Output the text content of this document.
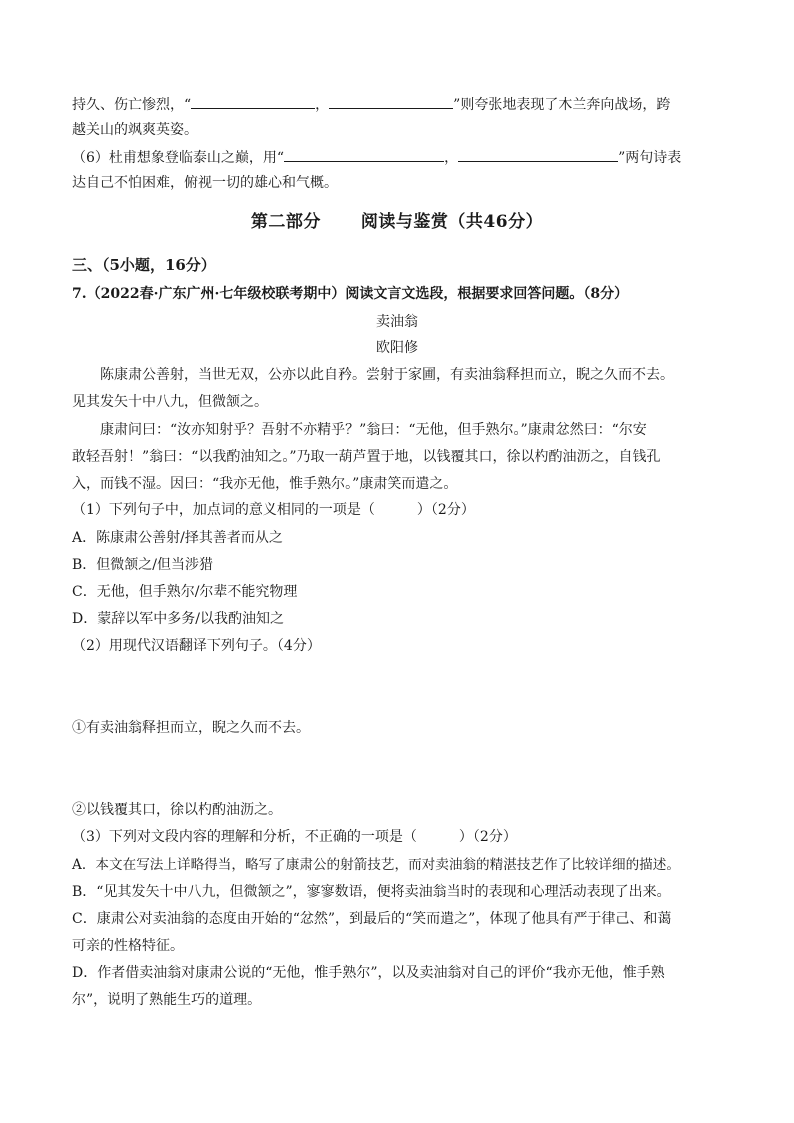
持久、伤亡惨烈，“	，	”则夸张地表现了木兰奔向战场，跨
越关山的飒爽英姿。
（6）杜甫想象登临泰山之巅，用“	，	”两句诗表
达自己不怕困难，俯视一切的雄心和气概。
第二部分 阅读与鉴赏（共46分）
三、（5小题，16分）
7.（2022春·广东广州·七年级校联考期中）阅读文言文选段，根据要求回答问题。（8分）
卖油翁
欧阳修
陈康肃公善射，当世无双，公亦以此自矜。尝射于家圃，有卖油翁释担而立，睨之久而不去。
见其发矢十中八九，但微颔之。
康肃问曰：“汝亦知射乎？吾射不亦精乎？”翁曰：“无他，但手熟尔。”康肃忿然曰：“尔安
敢轻吾射！”翁曰：“以我酌油知之。”乃取一葫芦置于地，以钱覆其口，徐以杓酌油沥之，自钱孔
入，而钱不湿。因曰：“我亦无他，惟手熟尔。”康肃笑而遣之。
（1）下列句子中，加点词的意义相同的一项是（	）（2分）
A．陈康肃公善射/择其善者而从之
B．但微颔之/但当涉猎
C．无他，但手熟尔/尔辈不能究物理
D．蒙辞以军中多务/以我酌油知之
（2）用现代汉语翻译下列句子。（4分）
①有卖油翁释担而立，睨之久而不去。
②以钱覆其口，徐以杓酌油沥之。
（3）下列对文段内容的理解和分析，不正确的一项是（	）（2分）
A．本文在写法上详略得当，略写了康肃公的射箭技艺，而对卖油翁的精湛技艺作了比较详细的描述。
B．“见其发矢十中八九，但微颔之”，寥寥数语，便将卖油翁当时的表现和心理活动表现了出来。
C．康肃公对卖油翁的态度由开始的“忿然”，到最后的“笑而遣之”，体现了他具有严于律己、和蔼
可亲的性格特征。
D．作者借卖油翁对康肃公说的“无他，惟手熟尔”，以及卖油翁对自己的评价“我亦无他，惟手熟
尔”，说明了熟能生巧的道理。
